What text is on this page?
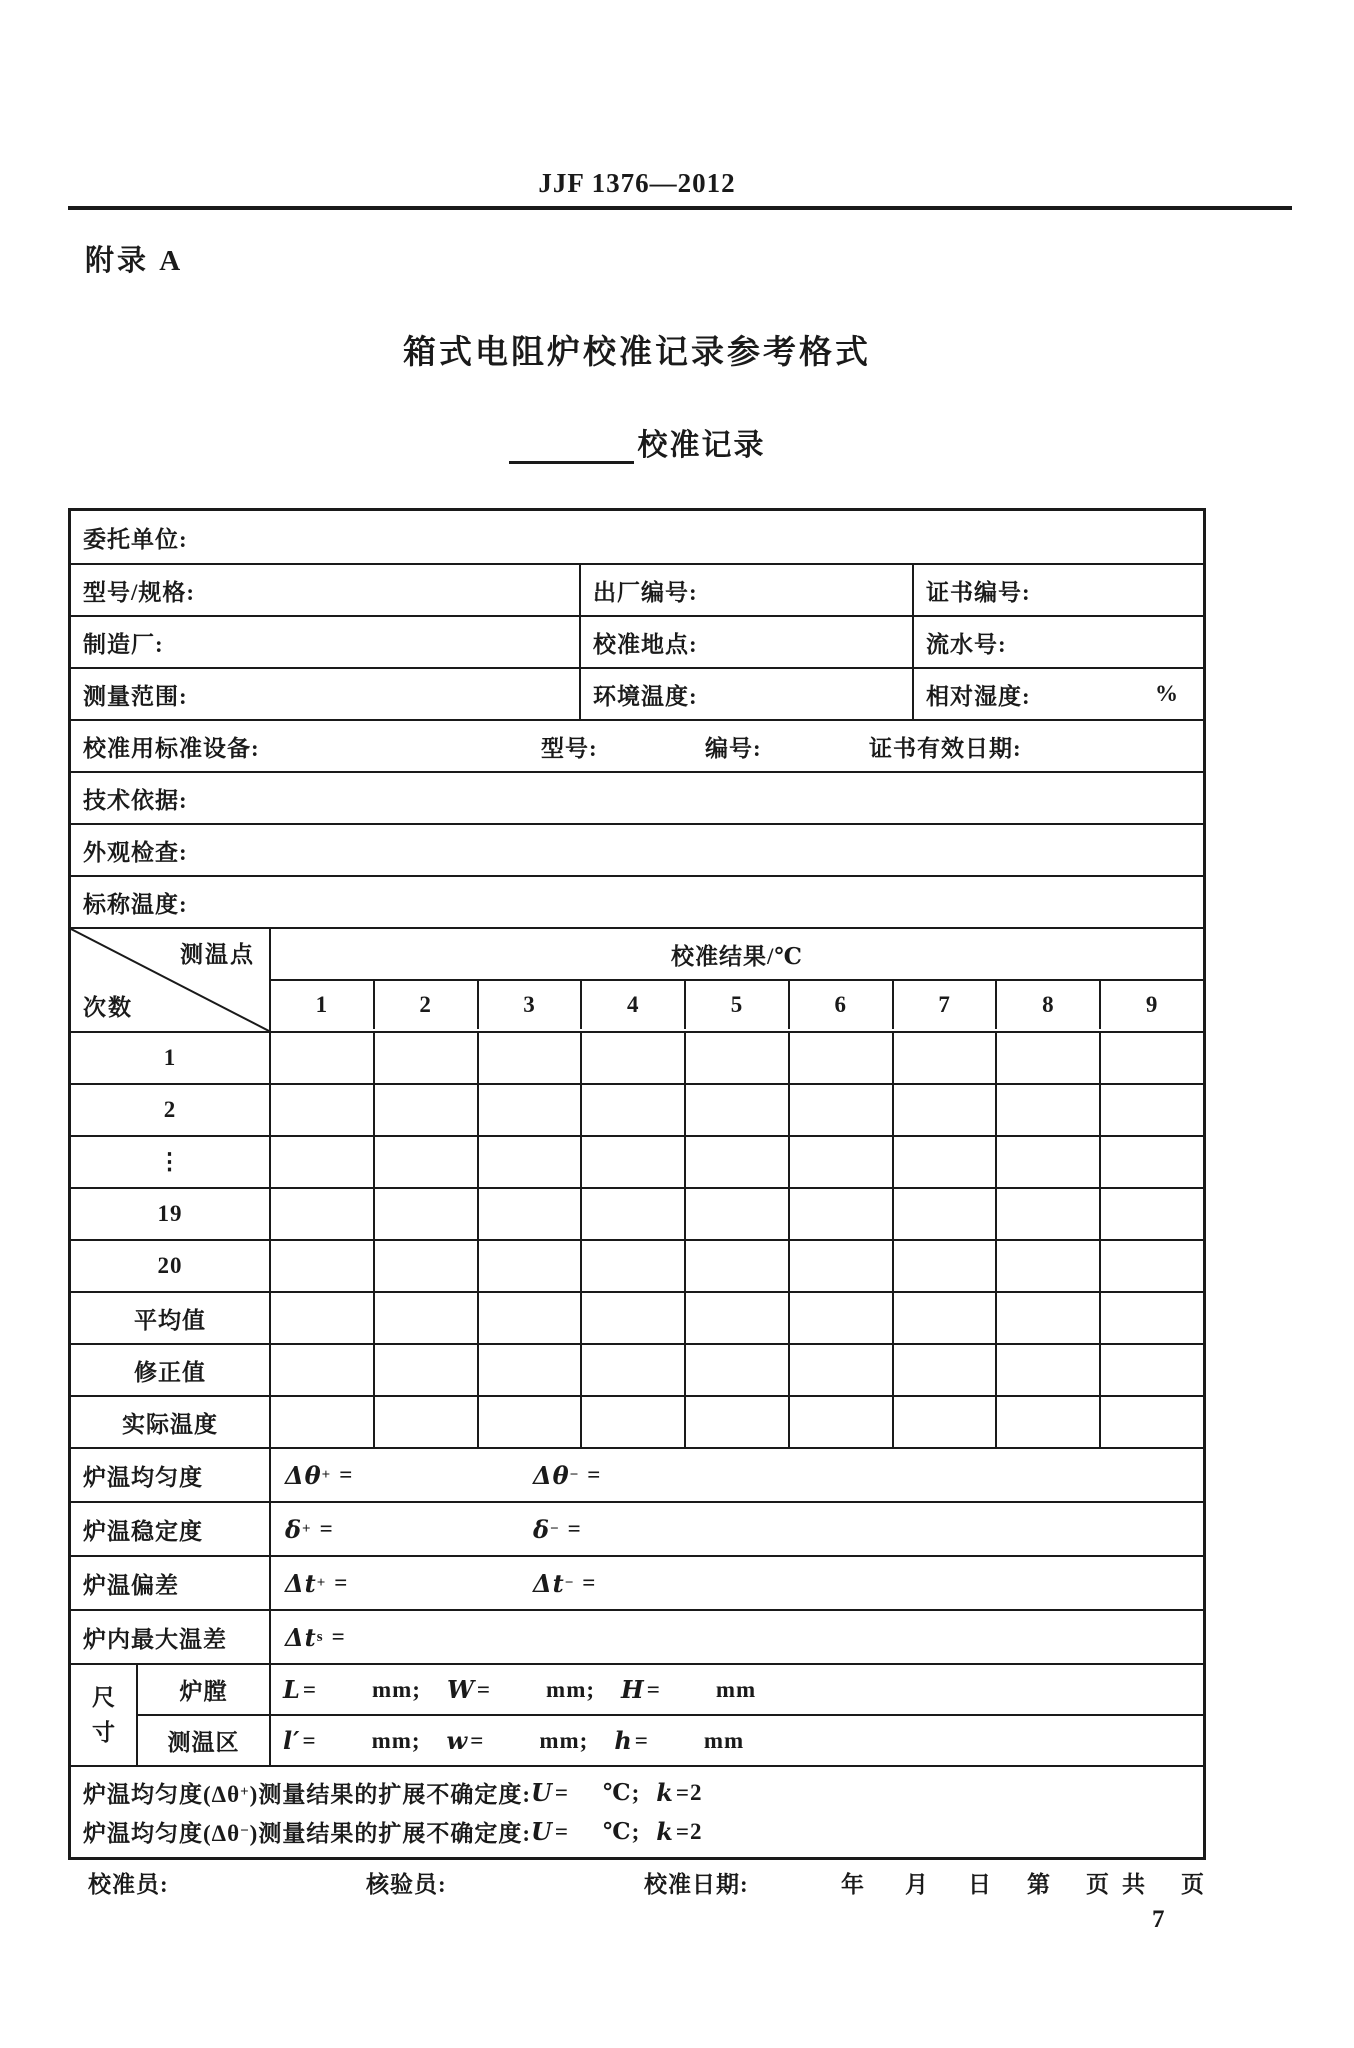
JJF 1376—2012
附录 A
箱式电阻炉校准记录参考格式
校准记录
委托单位:
型号/规格:	出厂编号:	证书编号:
制造厂:	校准地点:	流水号:
测量范围:	环境温度:	相对湿度:	%
校准用标准设备:	型号:	编号:	证书有效日期:
技术依据:
外观检查:
标称温度:
测温点
次数
校准结果/℃
1	2	3	4	5	6	7	8	9
1
2
⋮
19
20
平均值
修正值
实际温度
炉温均匀度	Δθ + =	Δθ − =
炉温稳定度	δ + =	δ − =
炉温偏差	Δt + =	Δt − =
炉内最大温差	Δt s =
尺
寸
炉膛	L = mm; W = mm; H = mm
测温区	l′ = mm; w = mm; h = mm
炉温均匀度(Δθ + )测量结果的扩展不确定度: U = ℃; k =2
炉温均匀度(Δθ − )测量结果的扩展不确定度: U = ℃; k =2
校准员:	核验员:	校准日期:	年 月 日 第 页 共 页
7
